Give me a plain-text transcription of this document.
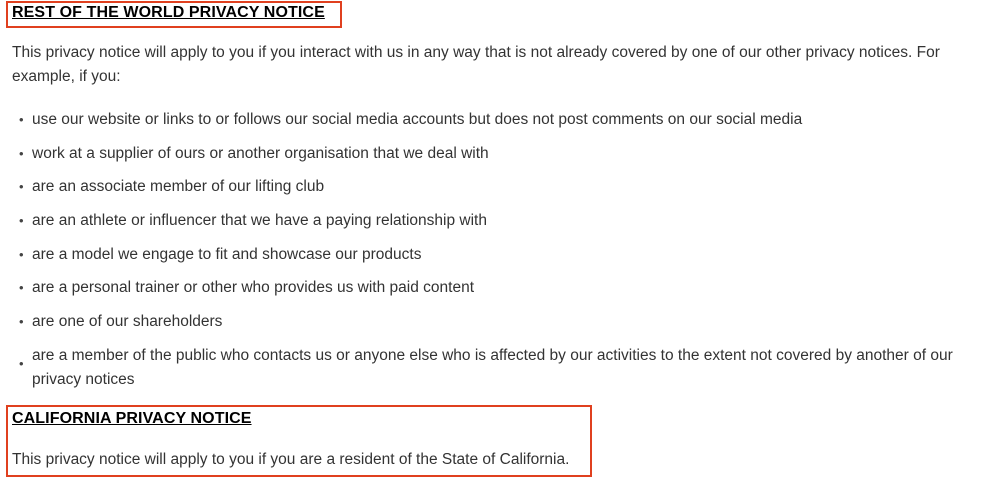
REST OF THE WORLD PRIVACY NOTICE

This privacy notice will apply to you if you interact with us in any way that is not already covered by one of our other privacy notices. For example, if you:

• use our website or links to or follows our social media accounts but does not post comments on our social media
• work at a supplier of ours or another organisation that we deal with
• are an associate member of our lifting club
• are an athlete or influencer that we have a paying relationship with
• are a model we engage to fit and showcase our products
• are a personal trainer or other who provides us with paid content
• are one of our shareholders
• are a member of the public who contacts us or anyone else who is affected by our activities to the extent not covered by another of our privacy notices
CALIFORNIA PRIVACY NOTICE

This privacy notice will apply to you if you are a resident of the State of California.
